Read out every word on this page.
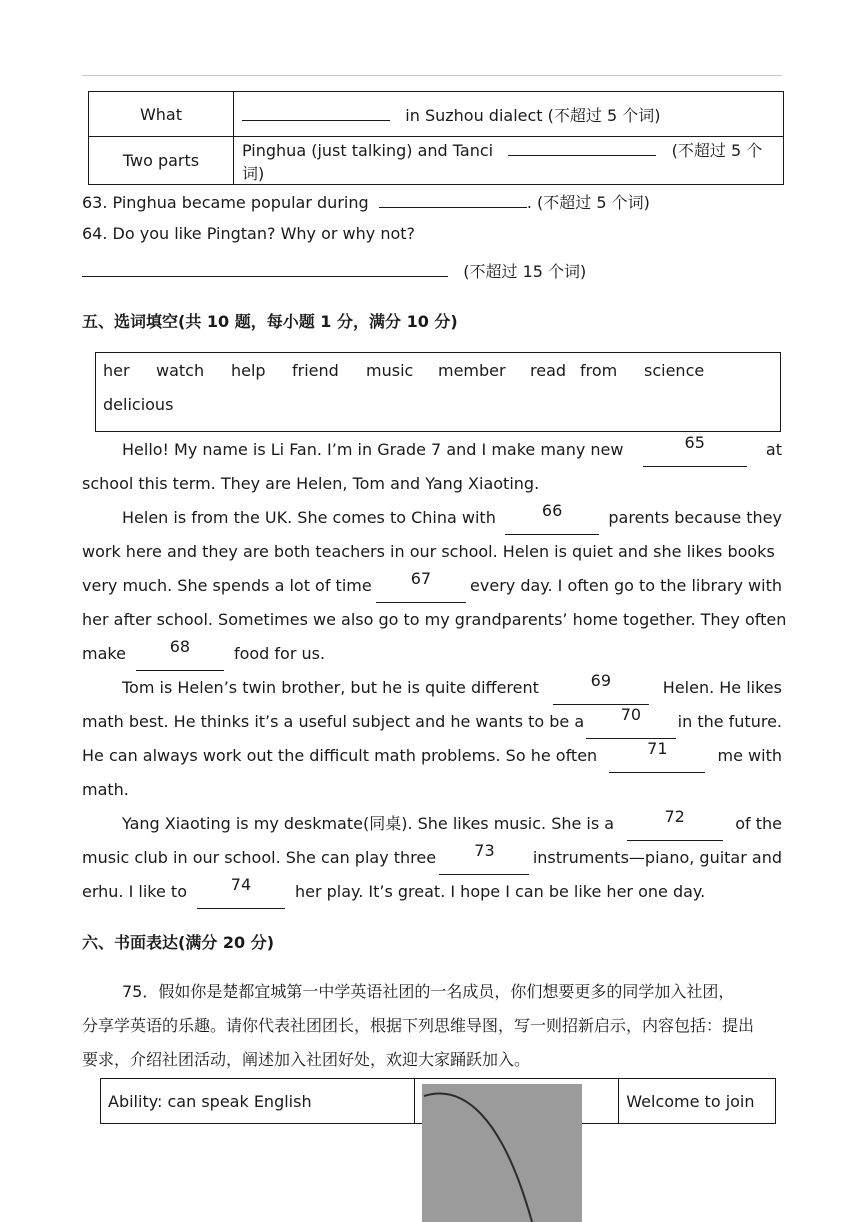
What	in Suzhou dialect (不超过 5 个词)
Two parts	Pinghua (just talking) and Tanci (不超过 5 个词)
63. Pinghua became popular during	. (不超过 5 个词)
64. Do you like Pingtan? Why or why not?
(不超过 15 个词)
五、选词填空(共 10 题，每小题 1 分，满分 10 分)
her watch help friend music member read from science
delicious
Hello! My name is Li Fan. I’m in Grade 7 and I make many new	65	at
school this term. They are Helen, Tom and Yang Xiaoting.
Helen is from the UK. She comes to China with	66	parents because they
work here and they are both teachers in our school. Helen is quiet and she likes books
very much. She spends a lot of time	67	every day. I often go to the library with
her after school. Sometimes we also go to my grandparents’ home together. They often
make	68	food for us.
Tom is Helen’s twin brother, but he is quite different	69	Helen. He likes
math best. He thinks it’s a useful subject and he wants to be a	70	in the future.
He can always work out the difficult math problems. So he often	71	me with
math.
Yang Xiaoting is my deskmate(同桌). She likes music. She is a	72	of the
music club in our school. She can play three	73	instruments—piano, guitar and
erhu. I like to	74	her play. It’s great. I hope I can be like her one day.
六、书面表达(满分 20 分)
75．假如你是楚都宜城第一中学英语社团的一名成员，你们想要更多的同学加入社团，
分享学英语的乐趣。请你代表社团团长，根据下列思维导图，写一则招新启示，内容包括：提出
要求，介绍社团活动，阐述加入社团好处，欢迎大家踊跃加入。
Ability: can speak English		Welcome to join
